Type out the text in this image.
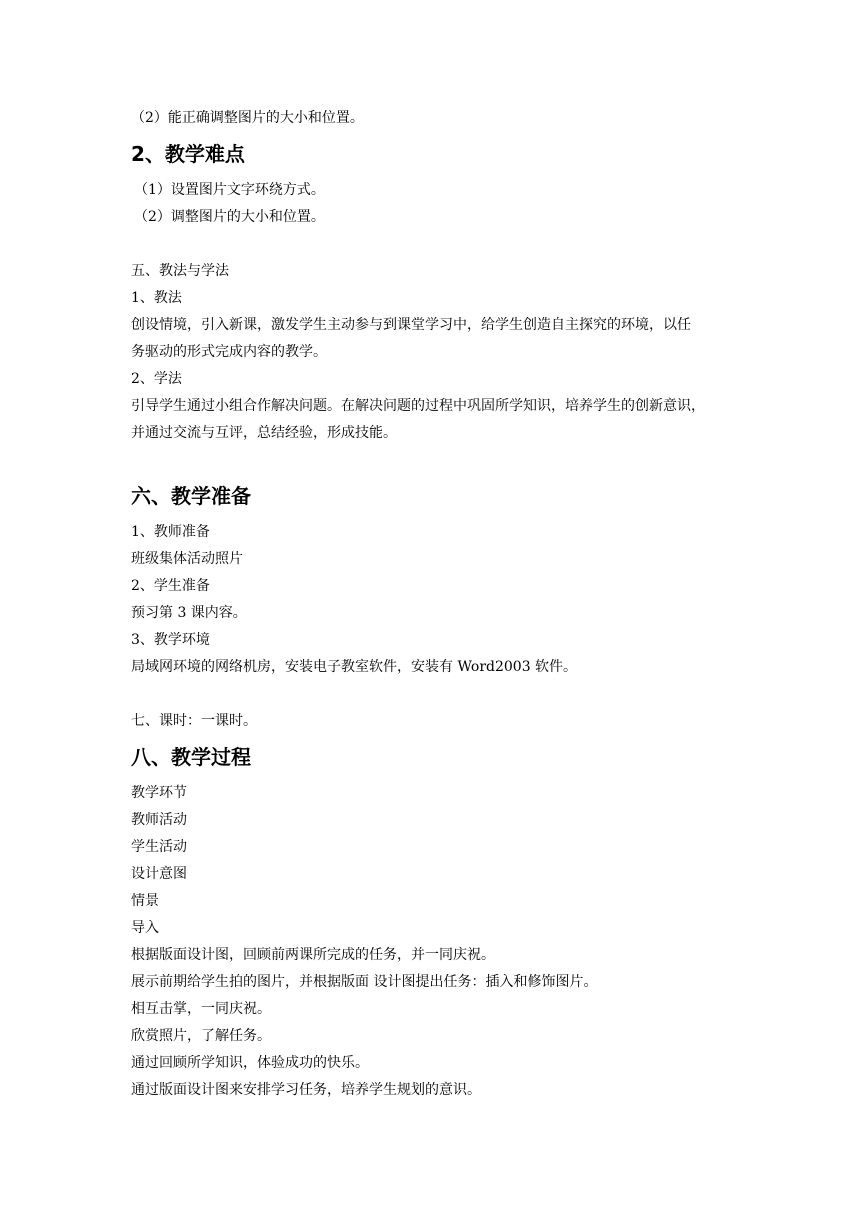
（2）能正确调整图片的大小和位置。
2、教学难点
（1）设置图片文字环绕方式。
（2）调整图片的大小和位置。
五、教法与学法
1、教法
创设情境，引入新课，激发学生主动参与到课堂学习中，给学生创造自主探究的环境，以任
务驱动的形式完成内容的教学。
2、学法
引导学生通过小组合作解决问题。在解决问题的过程中巩固所学知识，培养学生的创新意识，
并通过交流与互评，总结经验，形成技能。
六、教学准备
1、教师准备
班级集体活动照片
2、学生准备
预习第 3 课内容。
3、教学环境
局域网环境的网络机房，安装电子教室软件，安装有 Word2003 软件。
七、课时：一课时。
八、教学过程
教学环节
教师活动
学生活动
设计意图
情景
导入
根据版面设计图，回顾前两课所完成的任务，并一同庆祝。
展示前期给学生拍的图片，并根据版面 设计图提出任务：插入和修饰图片。
相互击掌，一同庆祝。
欣赏照片，了解任务。
通过回顾所学知识，体验成功的快乐。
通过版面设计图来安排学习任务，培养学生规划的意识。
